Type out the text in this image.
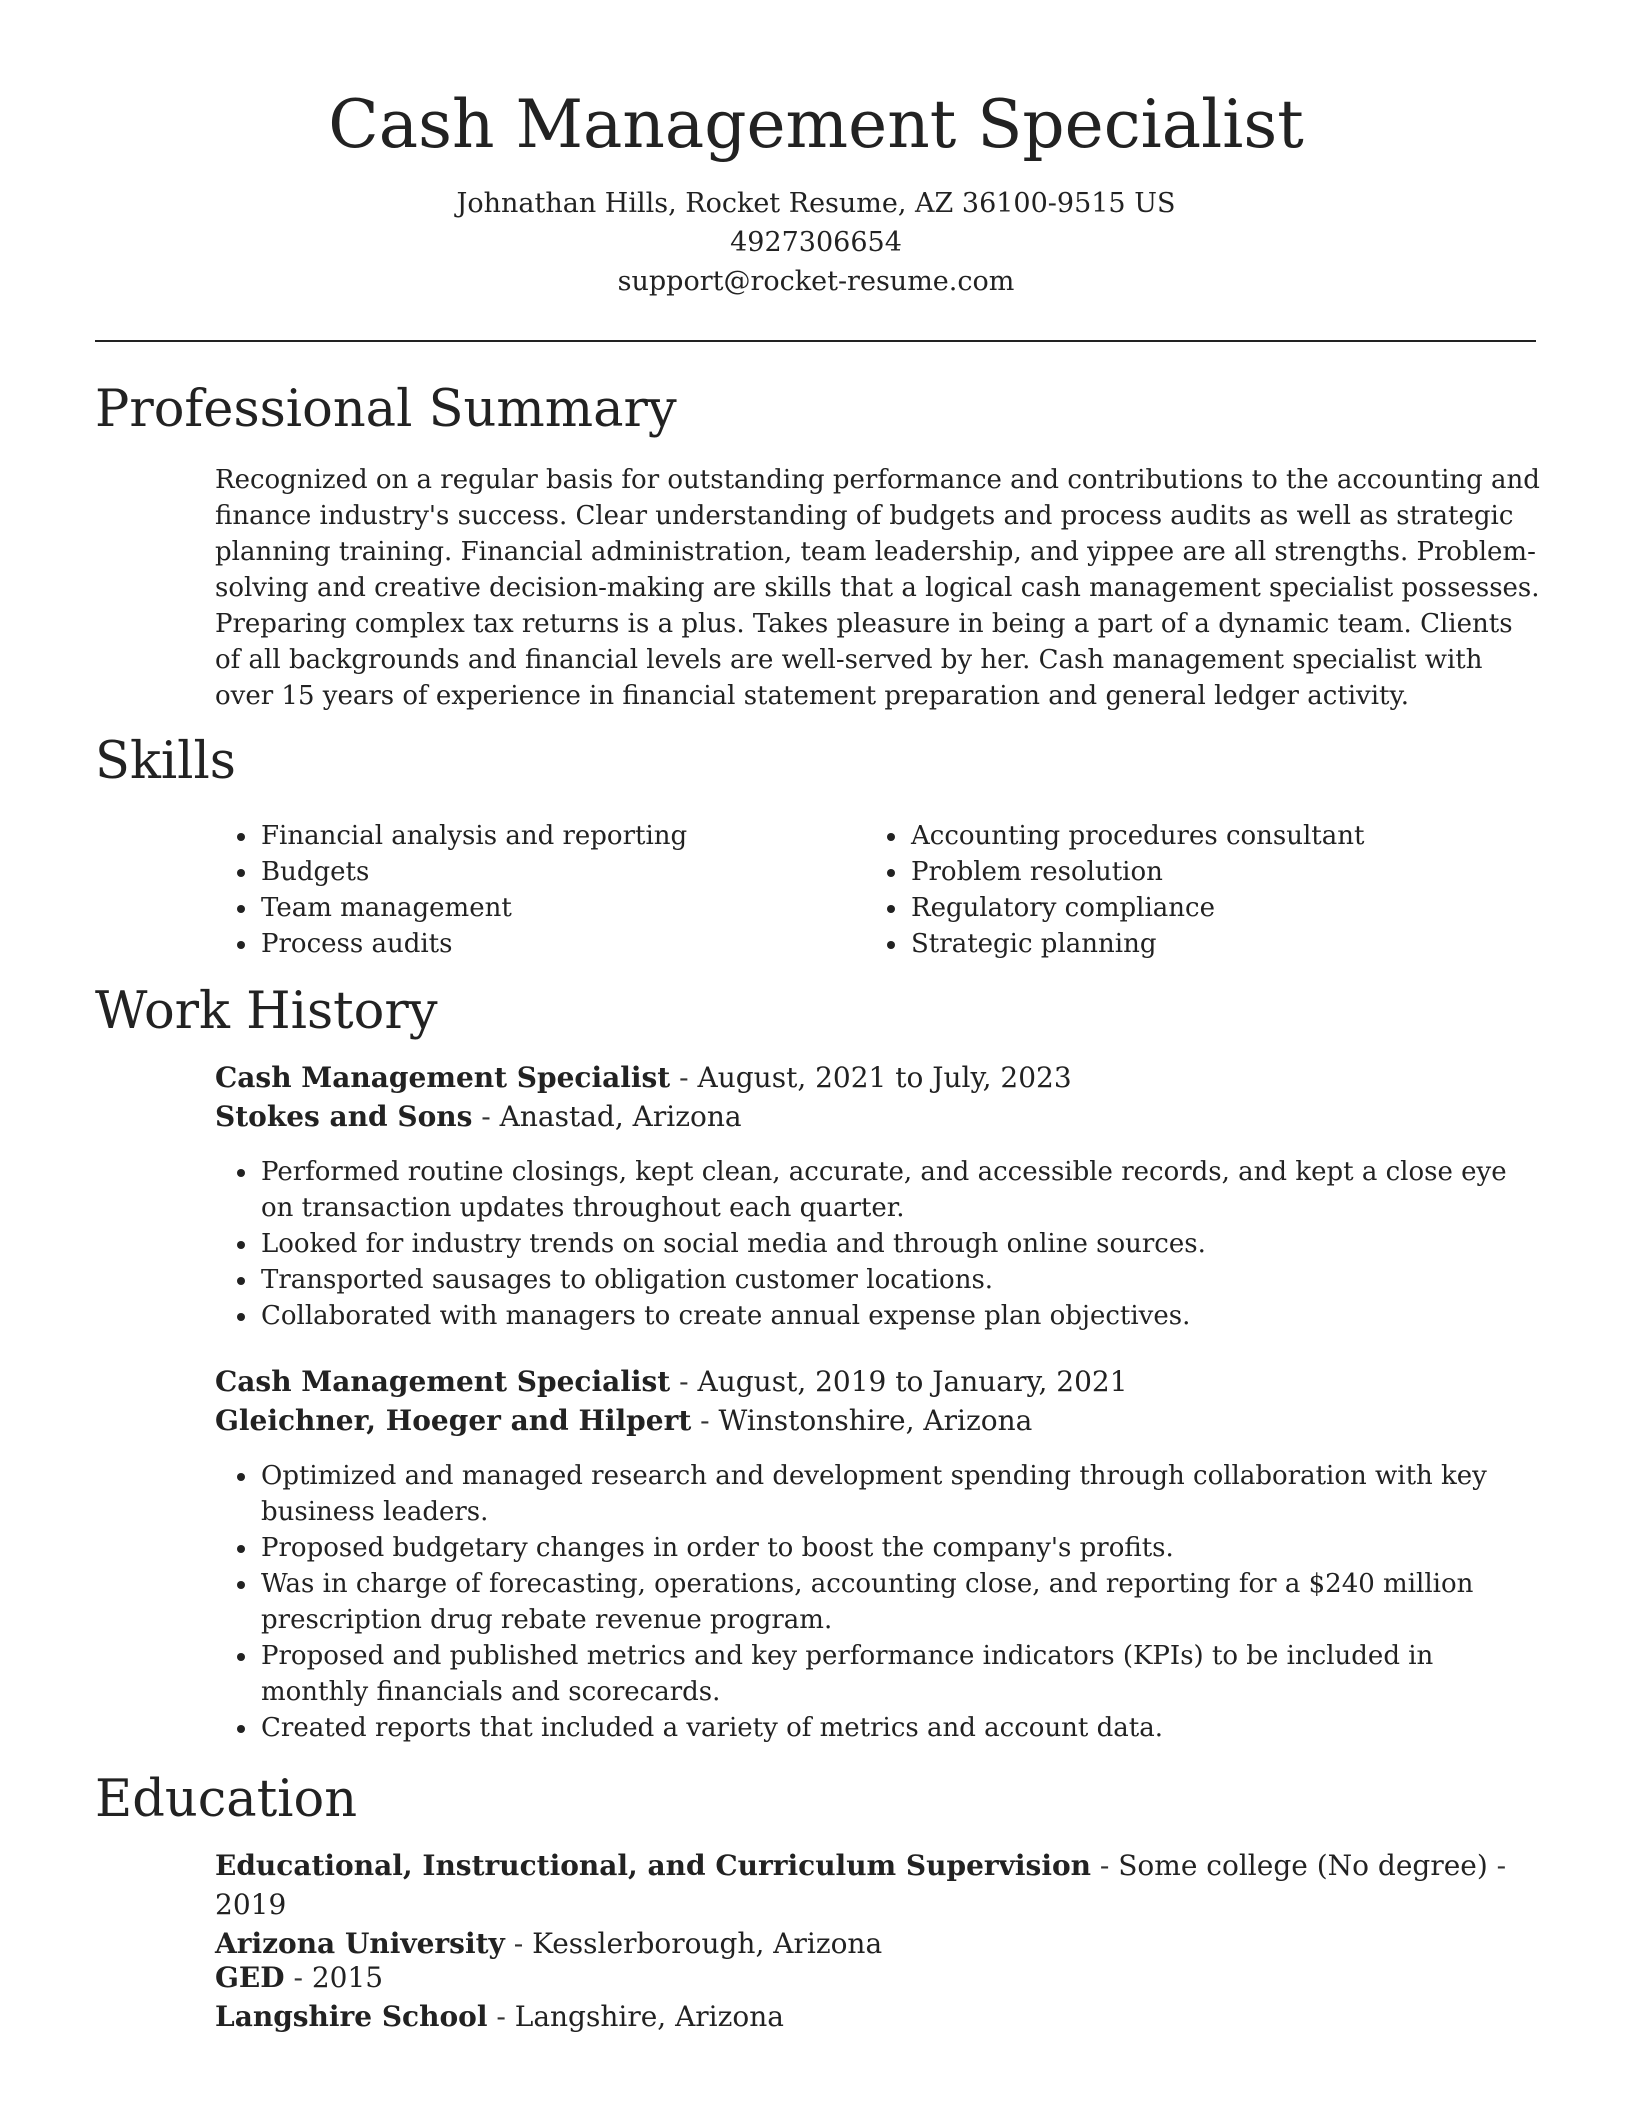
Cash Management Specialist
Johnathan Hills, Rocket Resume, AZ 36100-9515 US
4927306654
support@rocket-resume.com
Professional Summary

Recognized on a regular basis for outstanding performance and contributions to the accounting and finance industry's success. Clear understanding of budgets and process audits as well as strategic planning training. Financial administration, team leadership, and yippee are all strengths. Problem-solving and creative decision-making are skills that a logical cash management specialist possesses. Preparing complex tax returns is a plus. Takes pleasure in being a part of a dynamic team. Clients of all backgrounds and financial levels are well-served by her. Cash management specialist with over 15 years of experience in financial statement preparation and general ledger activity.

Skills
• Financial analysis and reporting
• Budgets
• Team management
• Process audits
• Accounting procedures consultant
• Problem resolution
• Regulatory compliance
• Strategic planning
Work History
Cash Management Specialist - August, 2021 to July, 2023
Stokes and Sons - Anastad, Arizona
• Performed routine closings, kept clean, accurate, and accessible records, and kept a close eye on transaction updates throughout each quarter.
• Looked for industry trends on social media and through online sources.
• Transported sausages to obligation customer locations.
• Collaborated with managers to create annual expense plan objectives.
Cash Management Specialist - August, 2019 to January, 2021
Gleichner, Hoeger and Hilpert - Winstonshire, Arizona
• Optimized and managed research and development spending through collaboration with key business leaders.
• Proposed budgetary changes in order to boost the company's profits.
• Was in charge of forecasting, operations, accounting close, and reporting for a $240 million prescription drug rebate revenue program.
• Proposed and published metrics and key performance indicators (KPIs) to be included in monthly financials and scorecards.
• Created reports that included a variety of metrics and account data.
Education
Educational, Instructional, and Curriculum Supervision - Some college (No degree) - 2019
Arizona University - Kesslerborough, Arizona
GED - 2015
Langshire School - Langshire, Arizona
